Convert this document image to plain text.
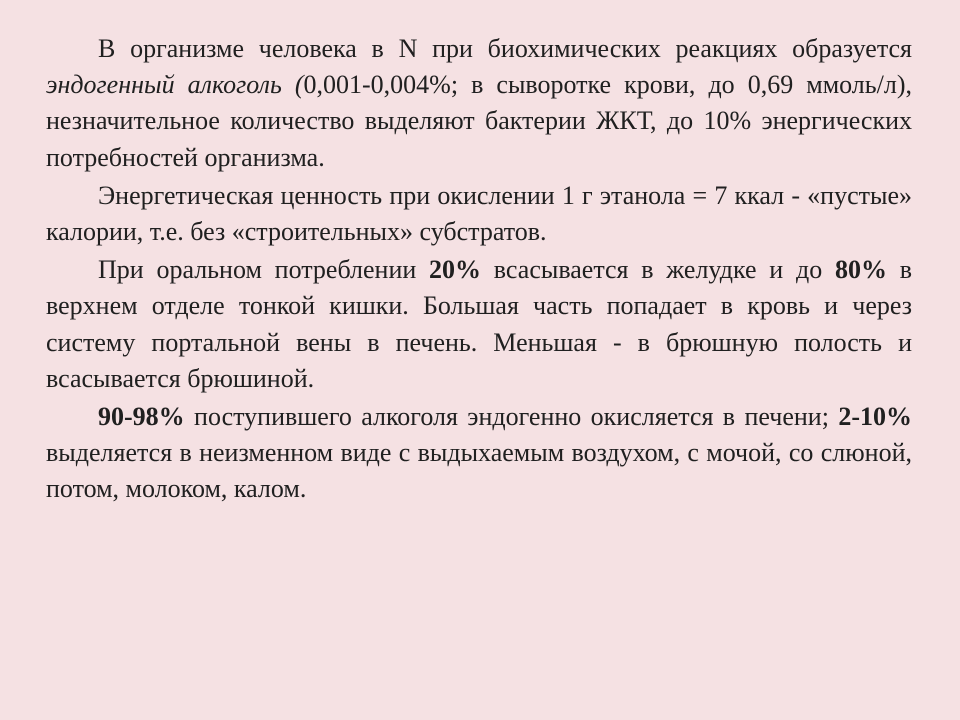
В организме человека в N при биохимических реакциях образуется эндогенный алкоголь (0,001-0,004%; в сыворотке крови, до 0,69 ммоль/л), незначительное количество выделяют бактерии ЖКТ, до 10% энергических потребностей организма.

Энергетическая ценность при окислении 1 г этанола = 7 ккал - «пустые» калории, т.е. без «строительных» субстратов.

При оральном потреблении 20% всасывается в желудке и до 80% в верхнем отделе тонкой кишки. Большая часть попадает в кровь и через систему портальной вены в печень. Меньшая - в брюшную полость и всасывается брюшиной.

90-98% поступившего алкоголя эндогенно окисляется в печени; 2-10% выделяется в неизменном виде с выдыхаемым воздухом, с мочой, со слюной, потом, молоком, калом.
